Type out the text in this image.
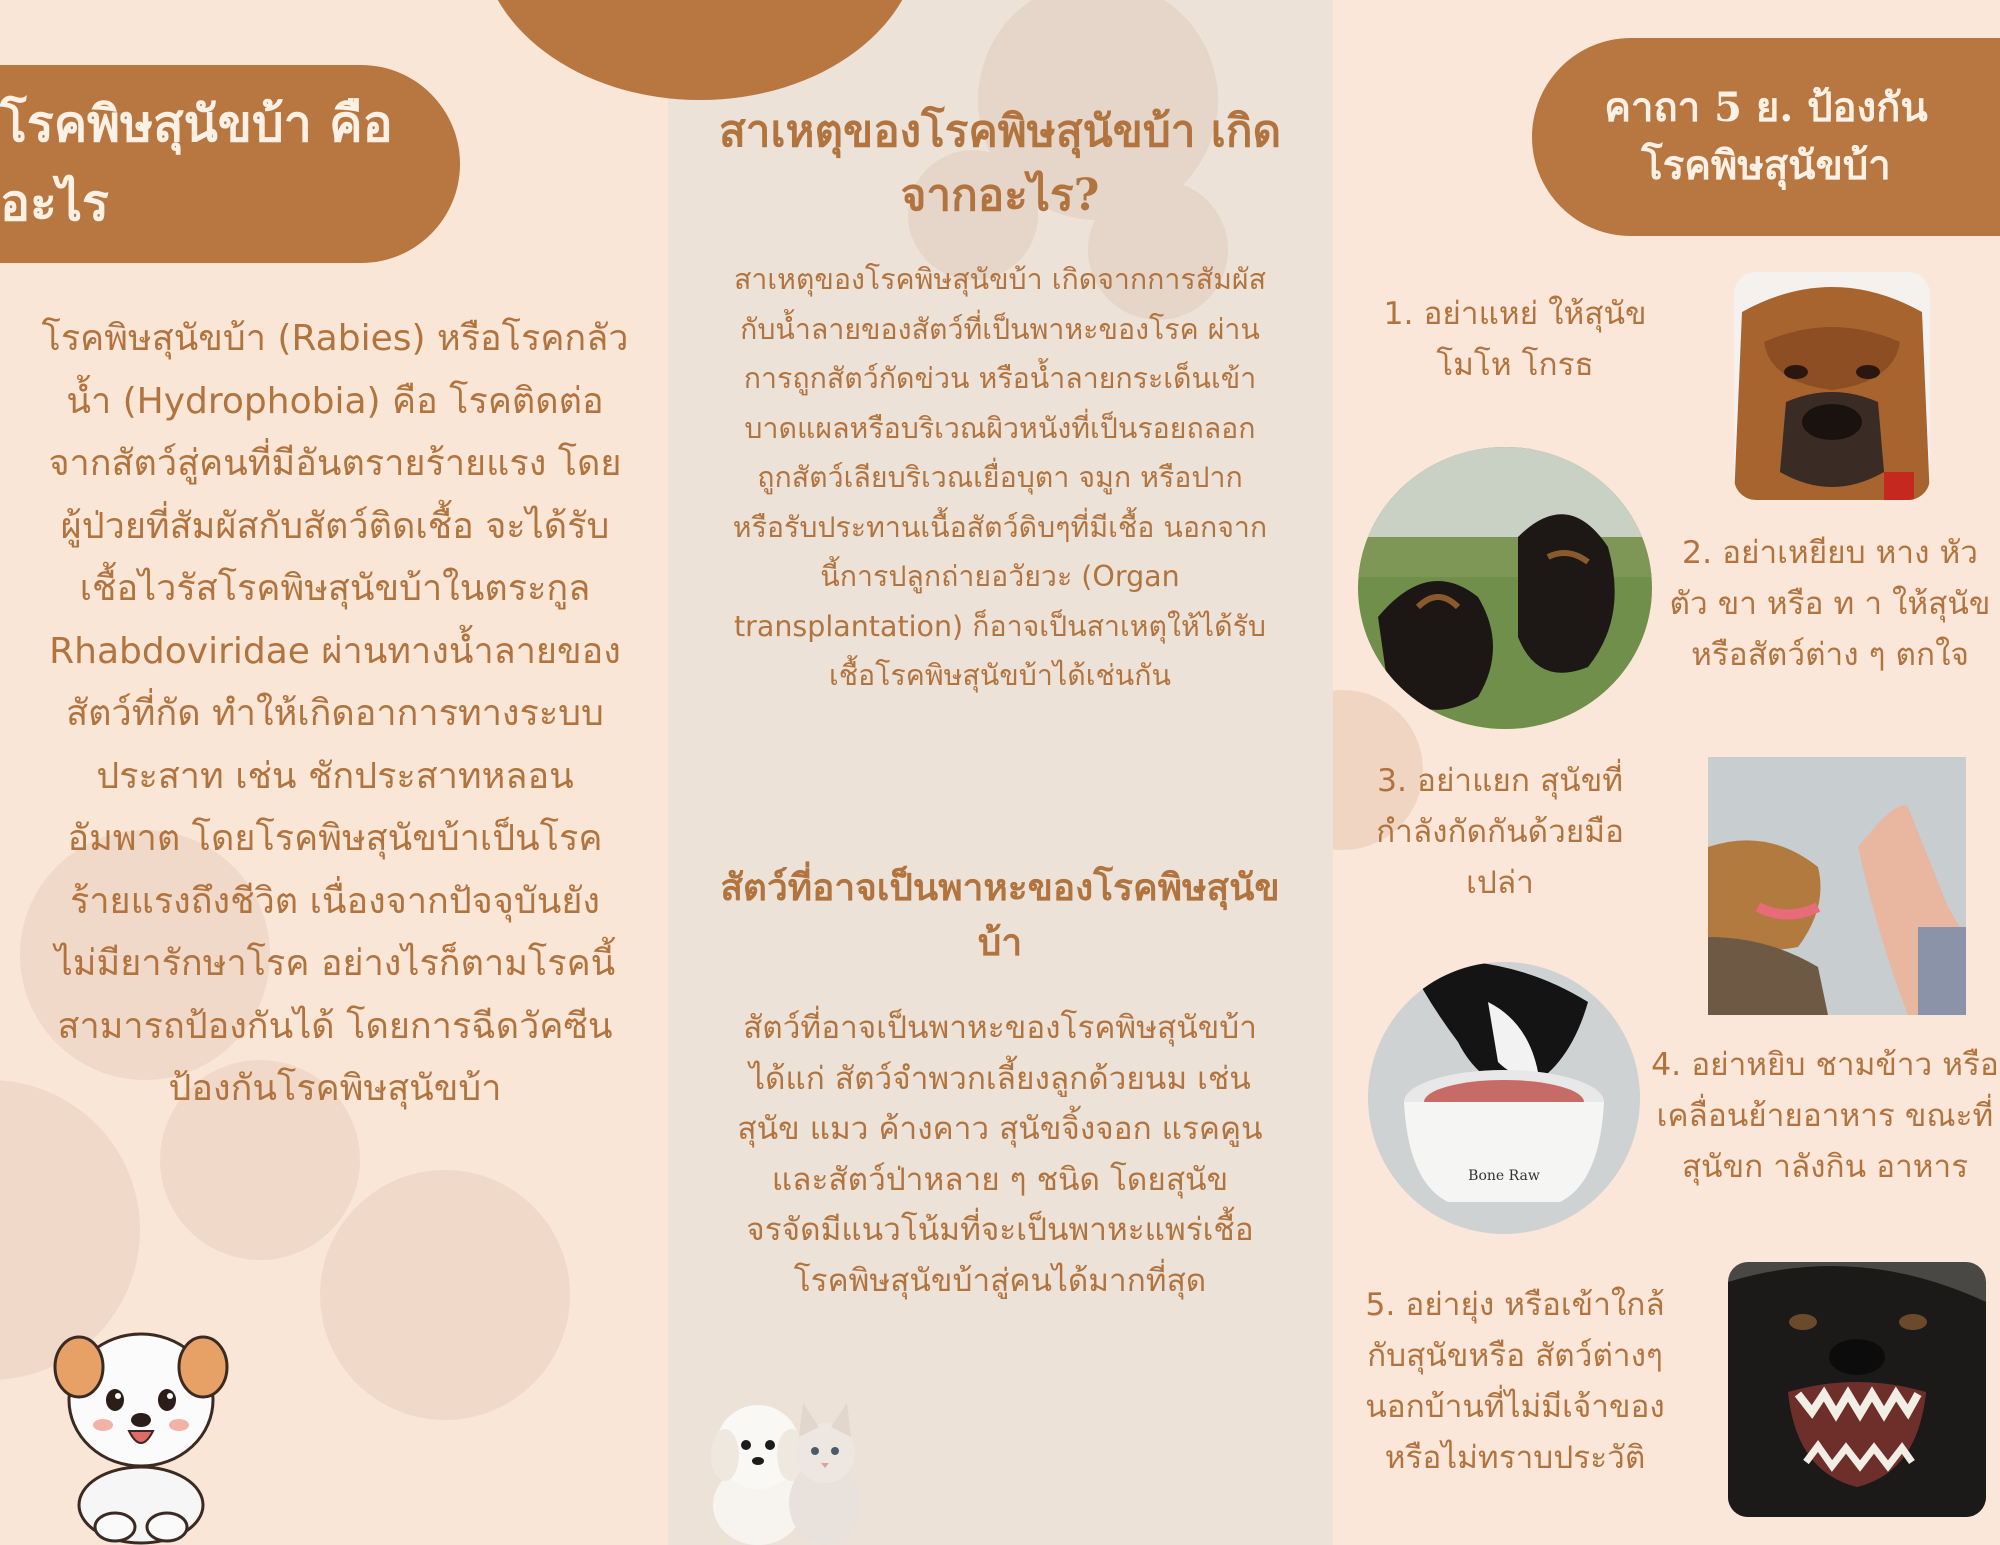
โรคพิษสุนัขบ้า คืออะไร
โรคพิษสุนัขบ้า (Rabies) หรือโรคกลัวน้ำ (Hydrophobia) คือ โรคติดต่อจากสัตว์สู่คนที่มีอันตรายร้ายแรง โดยผู้ป่วยที่สัมผัสกับสัตว์ติดเชื้อ จะได้รับเชื้อไวรัสโรคพิษสุนัขบ้าในตระกูล Rhabdoviridae ผ่านทางน้ำลายของสัตว์ที่กัด ทำให้เกิดอาการทางระบบประสาท เช่น ชักประสาทหลอน อัมพาต โดยโรคพิษสุนัขบ้าเป็นโรคร้ายแรงถึงชีวิต เนื่องจากปัจจุบันยังไม่มียารักษาโรค อย่างไรก็ตามโรคนี้สามารถป้องกันได้ โดยการฉีดวัคซีนป้องกันโรคพิษสุนัขบ้า
สาเหตุของโรคพิษสุนัขบ้า เกิดจากอะไร?
สาเหตุของโรคพิษสุนัขบ้า เกิดจากการสัมผัสกับน้ำลายของสัตว์ที่เป็นพาหะของโรค ผ่านการถูกสัตว์กัดข่วน หรือน้ำลายกระเด็นเข้าบาดแผลหรือบริเวณผิวหนังที่เป็นรอยถลอก ถูกสัตว์เลียบริเวณเยื่อบุตา จมูก หรือปาก หรือรับประทานเนื้อสัตว์ดิบๆที่มีเชื้อ นอกจากนี้การปลูกถ่ายอวัยวะ (Organ transplantation) ก็อาจเป็นสาเหตุให้ได้รับเชื้อโรคพิษสุนัขบ้าได้เช่นกัน
สัตว์ที่อาจเป็นพาหะของโรคพิษสุนัขบ้า
สัตว์ที่อาจเป็นพาหะของโรคพิษสุนัขบ้าได้แก่ สัตว์จำพวกเลี้ยงลูกด้วยนม เช่น สุนัข แมว ค้างคาว สุนัขจิ้งจอก แรคคูน และสัตว์ป่าหลาย ๆ ชนิด โดยสุนัขจรจัดมีแนวโน้มที่จะเป็นพาหะแพร่เชื้อโรคพิษสุนัขบ้าสู่คนได้มากที่สุด
คาถา 5 ย. ป้องกัน
โรคพิษสุนัขบ้า
1. อย่าแหย่ ให้สุนัขโมโห โกรธ
2. อย่าเหยียบ หาง หัว ตัว ขา หรือ ท า ให้สุนัขหรือสัตว์ต่าง ๆ ตกใจ
3. อย่าแยก สุนัขที่กำลังกัดกันด้วยมือเปล่า
4. อย่าหยิบ ชามข้าว หรือเคลื่อนย้ายอาหาร ขณะที่สุนัขก าลังกิน อาหาร
5. อย่ายุ่ง หรือเข้าใกล้กับสุนัขหรือ สัตว์ต่างๆนอกบ้านที่ไม่มีเจ้าของ หรือไม่ทราบประวัติ
Bone Raw
